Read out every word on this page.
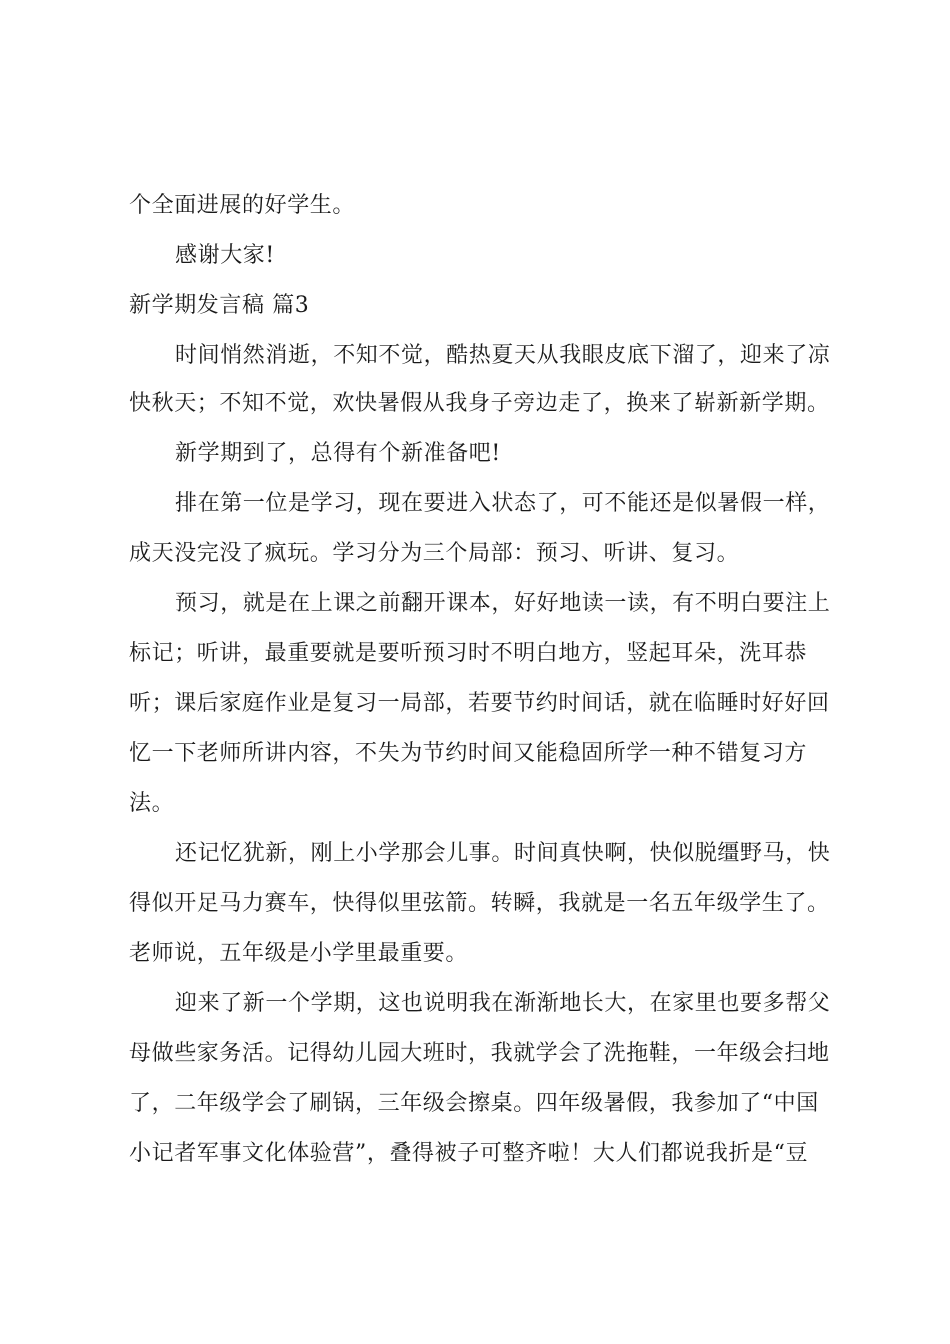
个全面进展的好学生。
感谢大家!
新学期发言稿 篇3
时间悄然消逝，不知不觉，酷热夏天从我眼皮底下溜了，迎来了凉
快秋天；不知不觉，欢快暑假从我身子旁边走了，换来了崭新新学期。
新学期到了，总得有个新准备吧!
排在第一位是学习，现在要进入状态了，可不能还是似暑假一样，
成天没完没了疯玩。学习分为三个局部：预习、听讲、复习。
预习，就是在上课之前翻开课本，好好地读一读，有不明白要注上
标记；听讲，最重要就是要听预习时不明白地方，竖起耳朵，洗耳恭
听；课后家庭作业是复习一局部，若要节约时间话，就在临睡时好好回
忆一下老师所讲内容，不失为节约时间又能稳固所学一种不错复习方
法。
还记忆犹新，刚上小学那会儿事。时间真快啊，快似脱缰野马，快
得似开足马力赛车，快得似里弦箭。转瞬，我就是一名五年级学生了。
老师说，五年级是小学里最重要。
迎来了新一个学期，这也说明我在渐渐地长大，在家里也要多帮父
母做些家务活。记得幼儿园大班时，我就学会了洗拖鞋，一年级会扫地
了，二年级学会了刷锅，三年级会擦桌。四年级暑假，我参加了“中国
小记者军事文化体验营”，叠得被子可整齐啦！大人们都说我折是“豆
